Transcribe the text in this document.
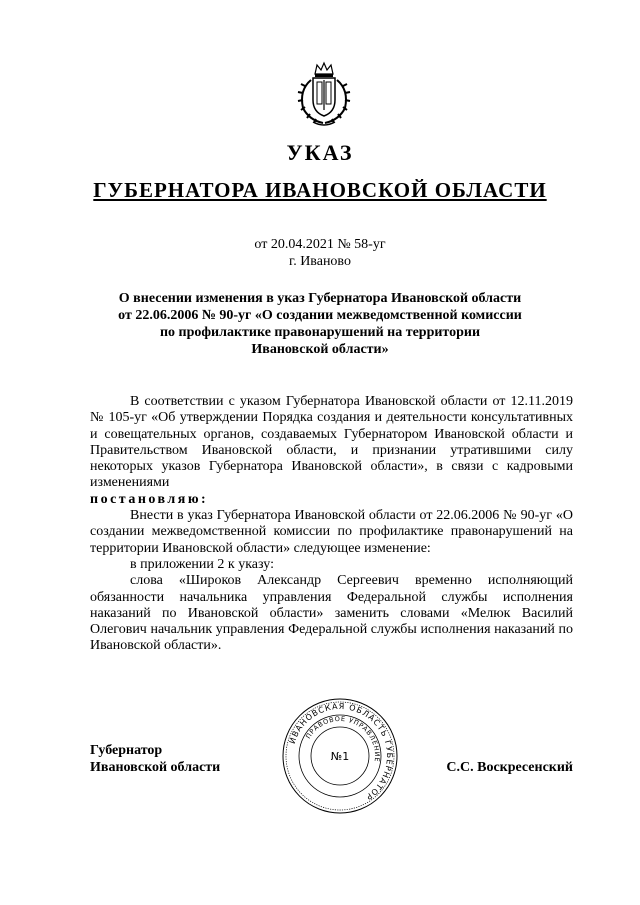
УКАЗ
ГУБЕРНАТОРА ИВАНОВСКОЙ ОБЛАСТИ
от 20.04.2021 № 58-уг
г. Иваново
О внесении изменения в указ Губернатора Ивановской области
от 22.06.2006 № 90-уг «О создании межведомственной комиссии
по профилактике правонарушений на территории
Ивановской области»

В соответствии с указом Губернатора Ивановской области от 12.11.2019 № 105-уг «Об утверждении Порядка создания и деятельности консультативных и совещательных органов, создаваемых Губернатором Ивановской области и Правительством Ивановской области, и признании утратившими силу некоторых указов Губернатора Ивановской области», в связи с кадровыми изменениями

постановляю:

Внести в указ Губернатора Ивановской области от 22.06.2006 № 90-уг «О создании межведомственной комиссии по профилактике правонарушений на территории Ивановской области» следующее изменение:

в приложении 2 к указу:

слова «Широков Александр Сергеевич временно исполняющий обязанности начальника управления Федеральной службы исполнения наказаний по Ивановской области» заменить словами «Мелюк Василий Олегович начальник управления Федеральной службы исполнения наказаний по Ивановской области».

Губернатор
Ивановской области
ИВАНОВСКАЯ ОБЛАСТЬ ГУБЕРНАТОР
ПРАВОВОЕ УПРАВЛЕНИЕ
№1
С.С. Воскресенский
